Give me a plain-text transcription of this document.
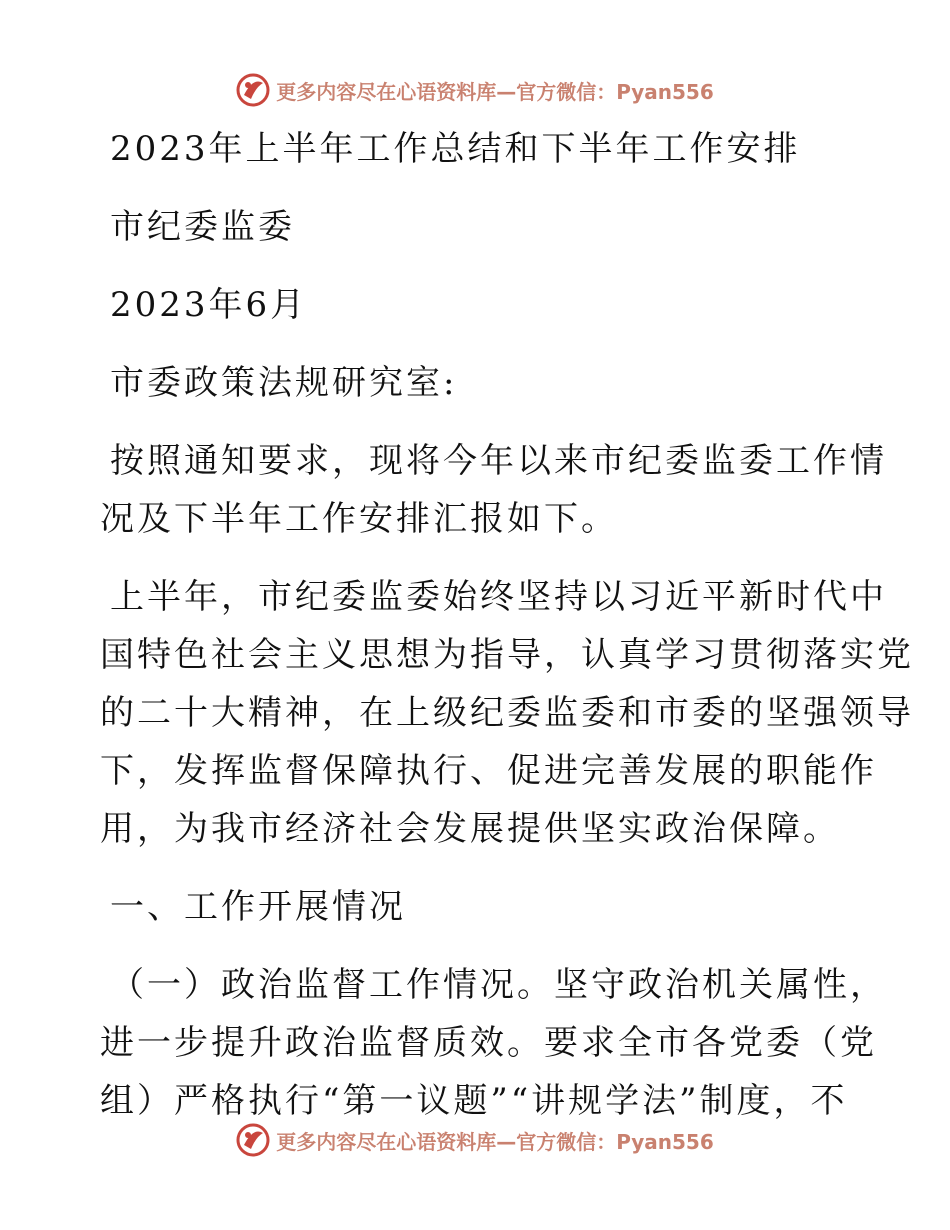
更多内容尽在心语资料库—官方微信：Pyan556

2023年上半年工作总结和下半年工作安排

市纪委监委

2023年6月

市委政策法规研究室:

按照通知要求，现将今年以来市纪委监委工作情

况及下半年工作安排汇报如下。

上半年，市纪委监委始终坚持以习近平新时代中

国特色社会主义思想为指导，认真学习贯彻落实党

的二十大精神，在上级纪委监委和市委的坚强领导

下，发挥监督保障执行、促进完善发展的职能作

用，为我市经济社会发展提供坚实政治保障。

一、工作开展情况

（一）政治监督工作情况。坚守政治机关属性，

进一步提升政治监督质效。要求全市各党委（党

组）严格执行“第一议题”“讲规学法”制度，不

更多内容尽在心语资料库—官方微信：Pyan556
